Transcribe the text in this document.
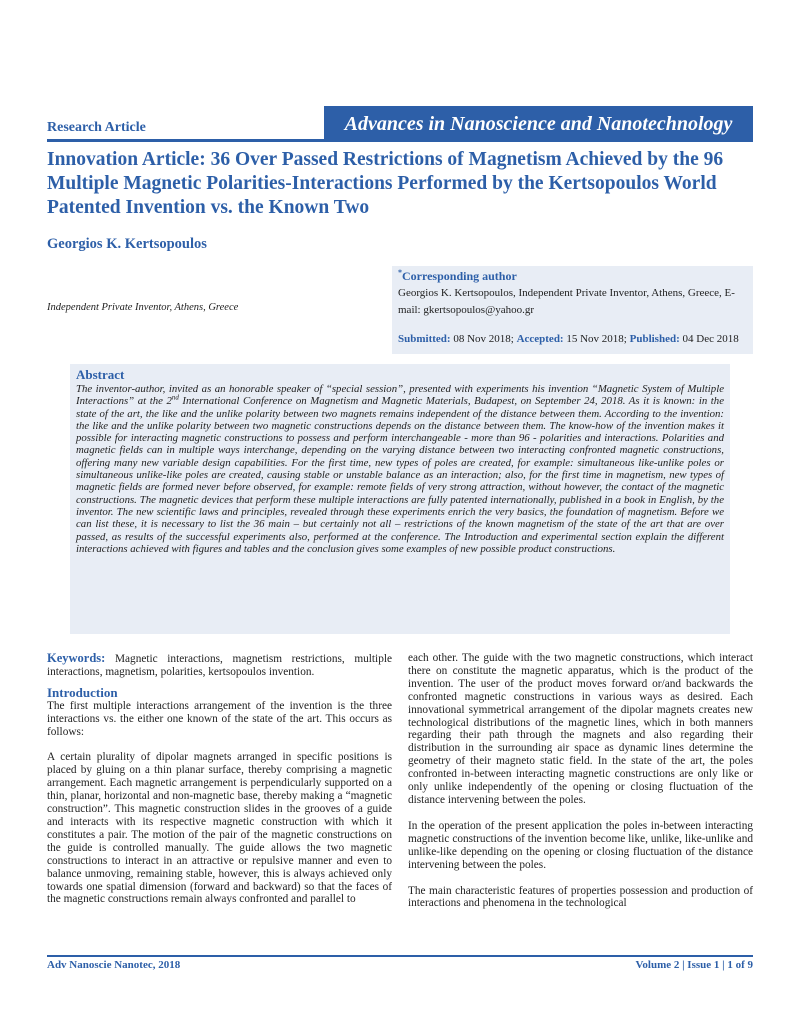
Research Article	Advances in Nanoscience and Nanotechnology
Innovation Article: 36 Over Passed Restrictions of Magnetism Achieved by the 96 Multiple Magnetic Polarities-Interactions Performed by the Kertsopoulos World Patented Invention vs. the Known Two
Georgios K. Kertsopoulos
Independent Private Inventor, Athens, Greece
*Corresponding author
Georgios K. Kertsopoulos, Independent Private Inventor, Athens, Greece, E-mail: gkertsopoulos@yahoo.gr
Submitted: 08 Nov 2018; Accepted: 15 Nov 2018; Published: 04 Dec 2018
Abstract
The inventor-author, invited as an honorable speaker of “special session”, presented with experiments his invention “Magnetic System of Multiple Interactions” at the 2nd International Conference on Magnetism and Magnetic Materials, Budapest, on September 24, 2018. As it is known: in the state of the art, the like and the unlike polarity between two magnets remains independent of the distance between them. According to the invention: the like and the unlike polarity between two magnetic constructions depends on the distance between them. The know-how of the invention makes it possible for interacting magnetic constructions to possess and perform interchangeable - more than 96 - polarities and interactions. Polarities and magnetic fields can in multiple ways interchange, depending on the varying distance between two interacting confronted magnetic constructions, offering many new variable design capabilities. For the first time, new types of poles are created, for example: simultaneous like-unlike poles or simultaneous unlike-like poles are created, causing stable or unstable balance as an interaction; also, for the first time in magnetism, new types of magnetic fields are formed never before observed, for example: remote fields of very strong attraction, without however, the contact of the magnetic constructions. The magnetic devices that perform these multiple interactions are fully patented internationally, published in a book in English, by the inventor. The new scientific laws and principles, revealed through these experiments enrich the very basics, the foundation of magnetism. Before we can list these, it is necessary to list the 36 main – but certainly not all – restrictions of the known magnetism of the state of the art that are over passed, as results of the successful experiments also, performed at the conference. The Introduction and experimental section explain the different interactions achieved with figures and tables and the conclusion gives some examples of new possible product constructions.

Keywords: Magnetic interactions, magnetism restrictions, multiple interactions, magnetism, polarities, kertsopoulos invention.

Introduction

The first multiple interactions arrangement of the invention is the three interactions vs. the either one known of the state of the art. This occurs as follows:

A certain plurality of dipolar magnets arranged in specific positions is placed by gluing on a thin planar surface, thereby comprising a magnetic arrangement. Each magnetic arrangement is perpendicularly supported on a thin, planar, horizontal and non-magnetic base, thereby making a “magnetic construction”. This magnetic construction slides in the grooves of a guide and interacts with its respective magnetic construction with which it constitutes a pair. The motion of the pair of the magnetic constructions on the guide is controlled manually. The guide allows the two magnetic constructions to interact in an attractive or repulsive manner and even to balance unmoving, remaining stable, however, this is always achieved only towards one spatial dimension (forward and backward) so that the faces of the magnetic constructions remain always confronted and parallel to

each other. The guide with the two magnetic constructions, which interact there on constitute the magnetic apparatus, which is the product of the invention. The user of the product moves forward or/and backwards the confronted magnetic constructions in various ways as desired. Each innovational symmetrical arrangement of the dipolar magnets creates new technological distributions of the magnetic lines, which in both manners regarding their path through the magnets and also regarding their distribution in the surrounding air space as dynamic lines determine the geometry of their magneto static field. In the state of the art, the poles confronted in-between interacting magnetic constructions are only like or only unlike independently of the opening or closing fluctuation of the distance intervening between the poles.

In the operation of the present application the poles in-between interacting magnetic constructions of the invention become like, unlike, like-unlike and unlike-like depending on the opening or closing fluctuation of the distance intervening between the poles.

The main characteristic features of properties possession and production of interactions and phenomena in the technological

Adv Nanoscie Nanotec, 2018	Volume 2 | Issue 1 | 1 of 9
